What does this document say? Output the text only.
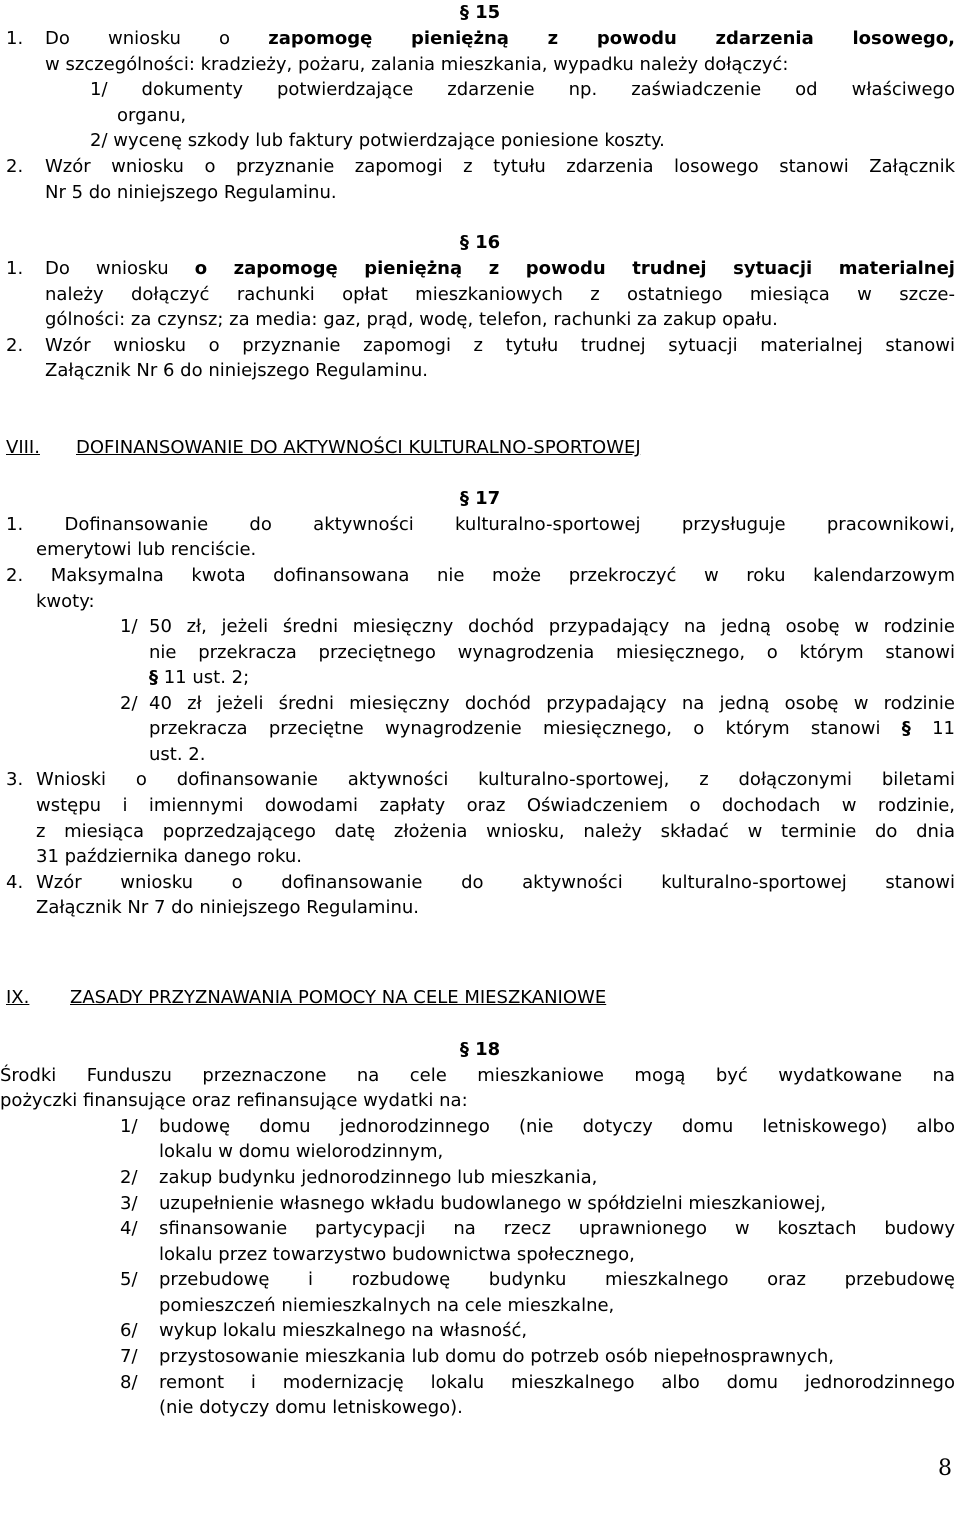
§ 15
1. Do wniosku o zapomogę pieniężną z powodu zdarzenia losowego,
w szczególności: kradzieży, pożaru, zalania mieszkania, wypadku należy dołączyć:
1/ dokumenty potwierdzające zdarzenie np. zaświadczenie od właściwego
organu,
2/ wycenę szkody lub faktury potwierdzające poniesione koszty.
2. Wzór wniosku o przyznanie zapomogi z tytułu zdarzenia losowego stanowi Załącznik
Nr 5 do niniejszego Regulaminu.
§ 16
1. Do wniosku o zapomogę pieniężną z powodu trudnej sytuacji materialnej
należy dołączyć rachunki opłat mieszkaniowych z ostatniego miesiąca w szcze-
gólności: za czynsz; za media: gaz, prąd, wodę, telefon, rachunki za zakup opału.
2. Wzór wniosku o przyznanie zapomogi z tytułu trudnej sytuacji materialnej stanowi
Załącznik Nr 6 do niniejszego Regulaminu.
VIII. DOFINANSOWANIE DO AKTYWNOŚCI KULTURALNO-SPORTOWEJ
§ 17
1. Dofinansowanie do aktywności kulturalno-sportowej przysługuje pracownikowi,
emerytowi lub renciście.
2. Maksymalna kwota dofinansowana nie może przekroczyć w roku kalendarzowym
kwoty:
1/ 50 zł, jeżeli średni miesięczny dochód przypadający na jedną osobę w rodzinie
nie przekracza przeciętnego wynagrodzenia miesięcznego, o którym stanowi
§ 11 ust. 2;
2/ 40 zł jeżeli średni miesięczny dochód przypadający na jedną osobę w rodzinie
przekracza przeciętne wynagrodzenie miesięcznego, o którym stanowi § 11
ust. 2.
3. Wnioski o dofinansowanie aktywności kulturalno-sportowej, z dołączonymi biletami
wstępu i imiennymi dowodami zapłaty oraz Oświadczeniem o dochodach w rodzinie,
z miesiąca poprzedzającego datę złożenia wniosku, należy składać w terminie do dnia
31 października danego roku.
4. Wzór wniosku o dofinansowanie do aktywności kulturalno-sportowej stanowi
Załącznik Nr 7 do niniejszego Regulaminu.
IX. ZASADY PRZYZNAWANIA POMOCY NA CELE MIESZKANIOWE
§ 18
Środki Funduszu przeznaczone na cele mieszkaniowe mogą być wydatkowane na
pożyczki finansujące oraz refinansujące wydatki na:
1/ budowę domu jednorodzinnego (nie dotyczy domu letniskowego) albo
lokalu w domu wielorodzinnym,
2/ zakup budynku jednorodzinnego lub mieszkania,
3/ uzupełnienie własnego wkładu budowlanego w spółdzielni mieszkaniowej,
4/ sfinansowanie partycypacji na rzecz uprawnionego w kosztach budowy
lokalu przez towarzystwo budownictwa społecznego,
5/ przebudowę i rozbudowę budynku mieszkalnego oraz przebudowę
pomieszczeń niemieszkalnych na cele mieszkalne,
6/ wykup lokalu mieszkalnego na własność,
7/ przystosowanie mieszkania lub domu do potrzeb osób niepełnosprawnych,
8/ remont i modernizację lokalu mieszkalnego albo domu jednorodzinnego
(nie dotyczy domu letniskowego).
8
